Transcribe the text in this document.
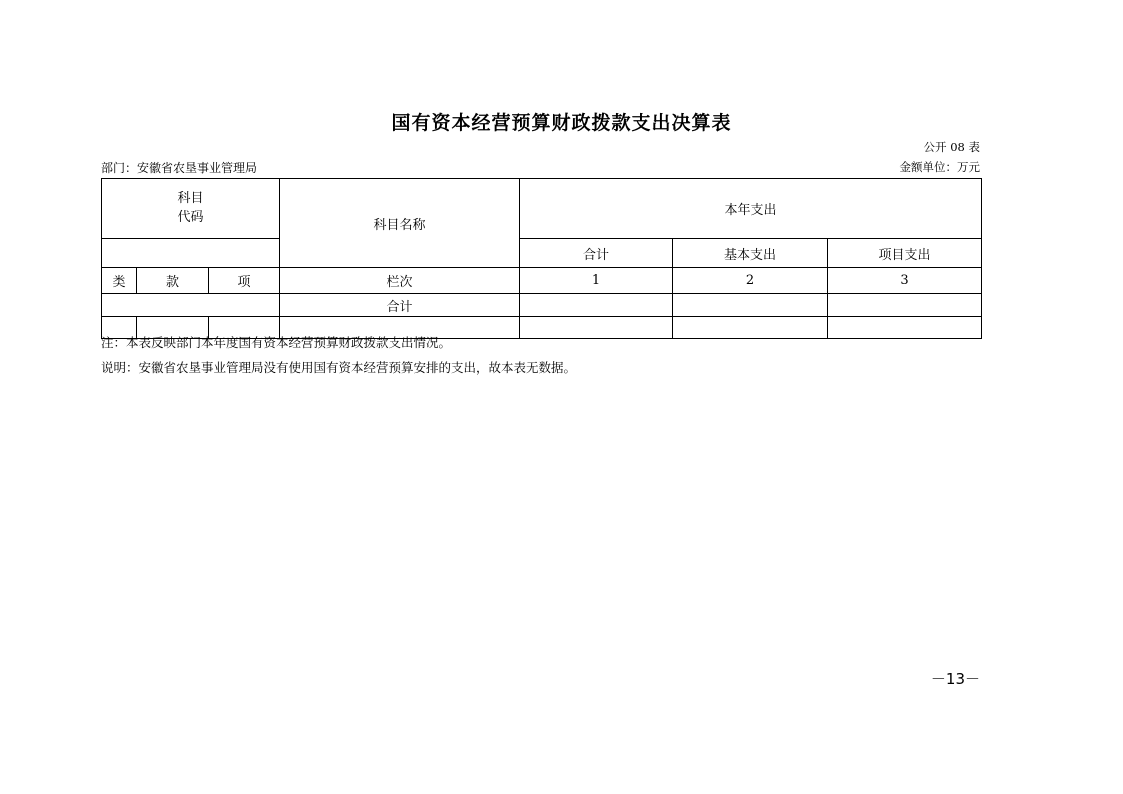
国有资本经营预算财政拨款支出决算表
公开 08 表
部门：安徽省农垦事业管理局	金额单位：万元
科目
代码			科目名称	本年支出		
				合计	基本支出	项目支出
类	款	项	栏次	1	2	3
			合计			

注：本表反映部门本年度国有资本经营预算财政拨款支出情况。
说明：安徽省农垦事业管理局没有使用国有资本经营预算安排的支出，故本表无数据。
－13－
